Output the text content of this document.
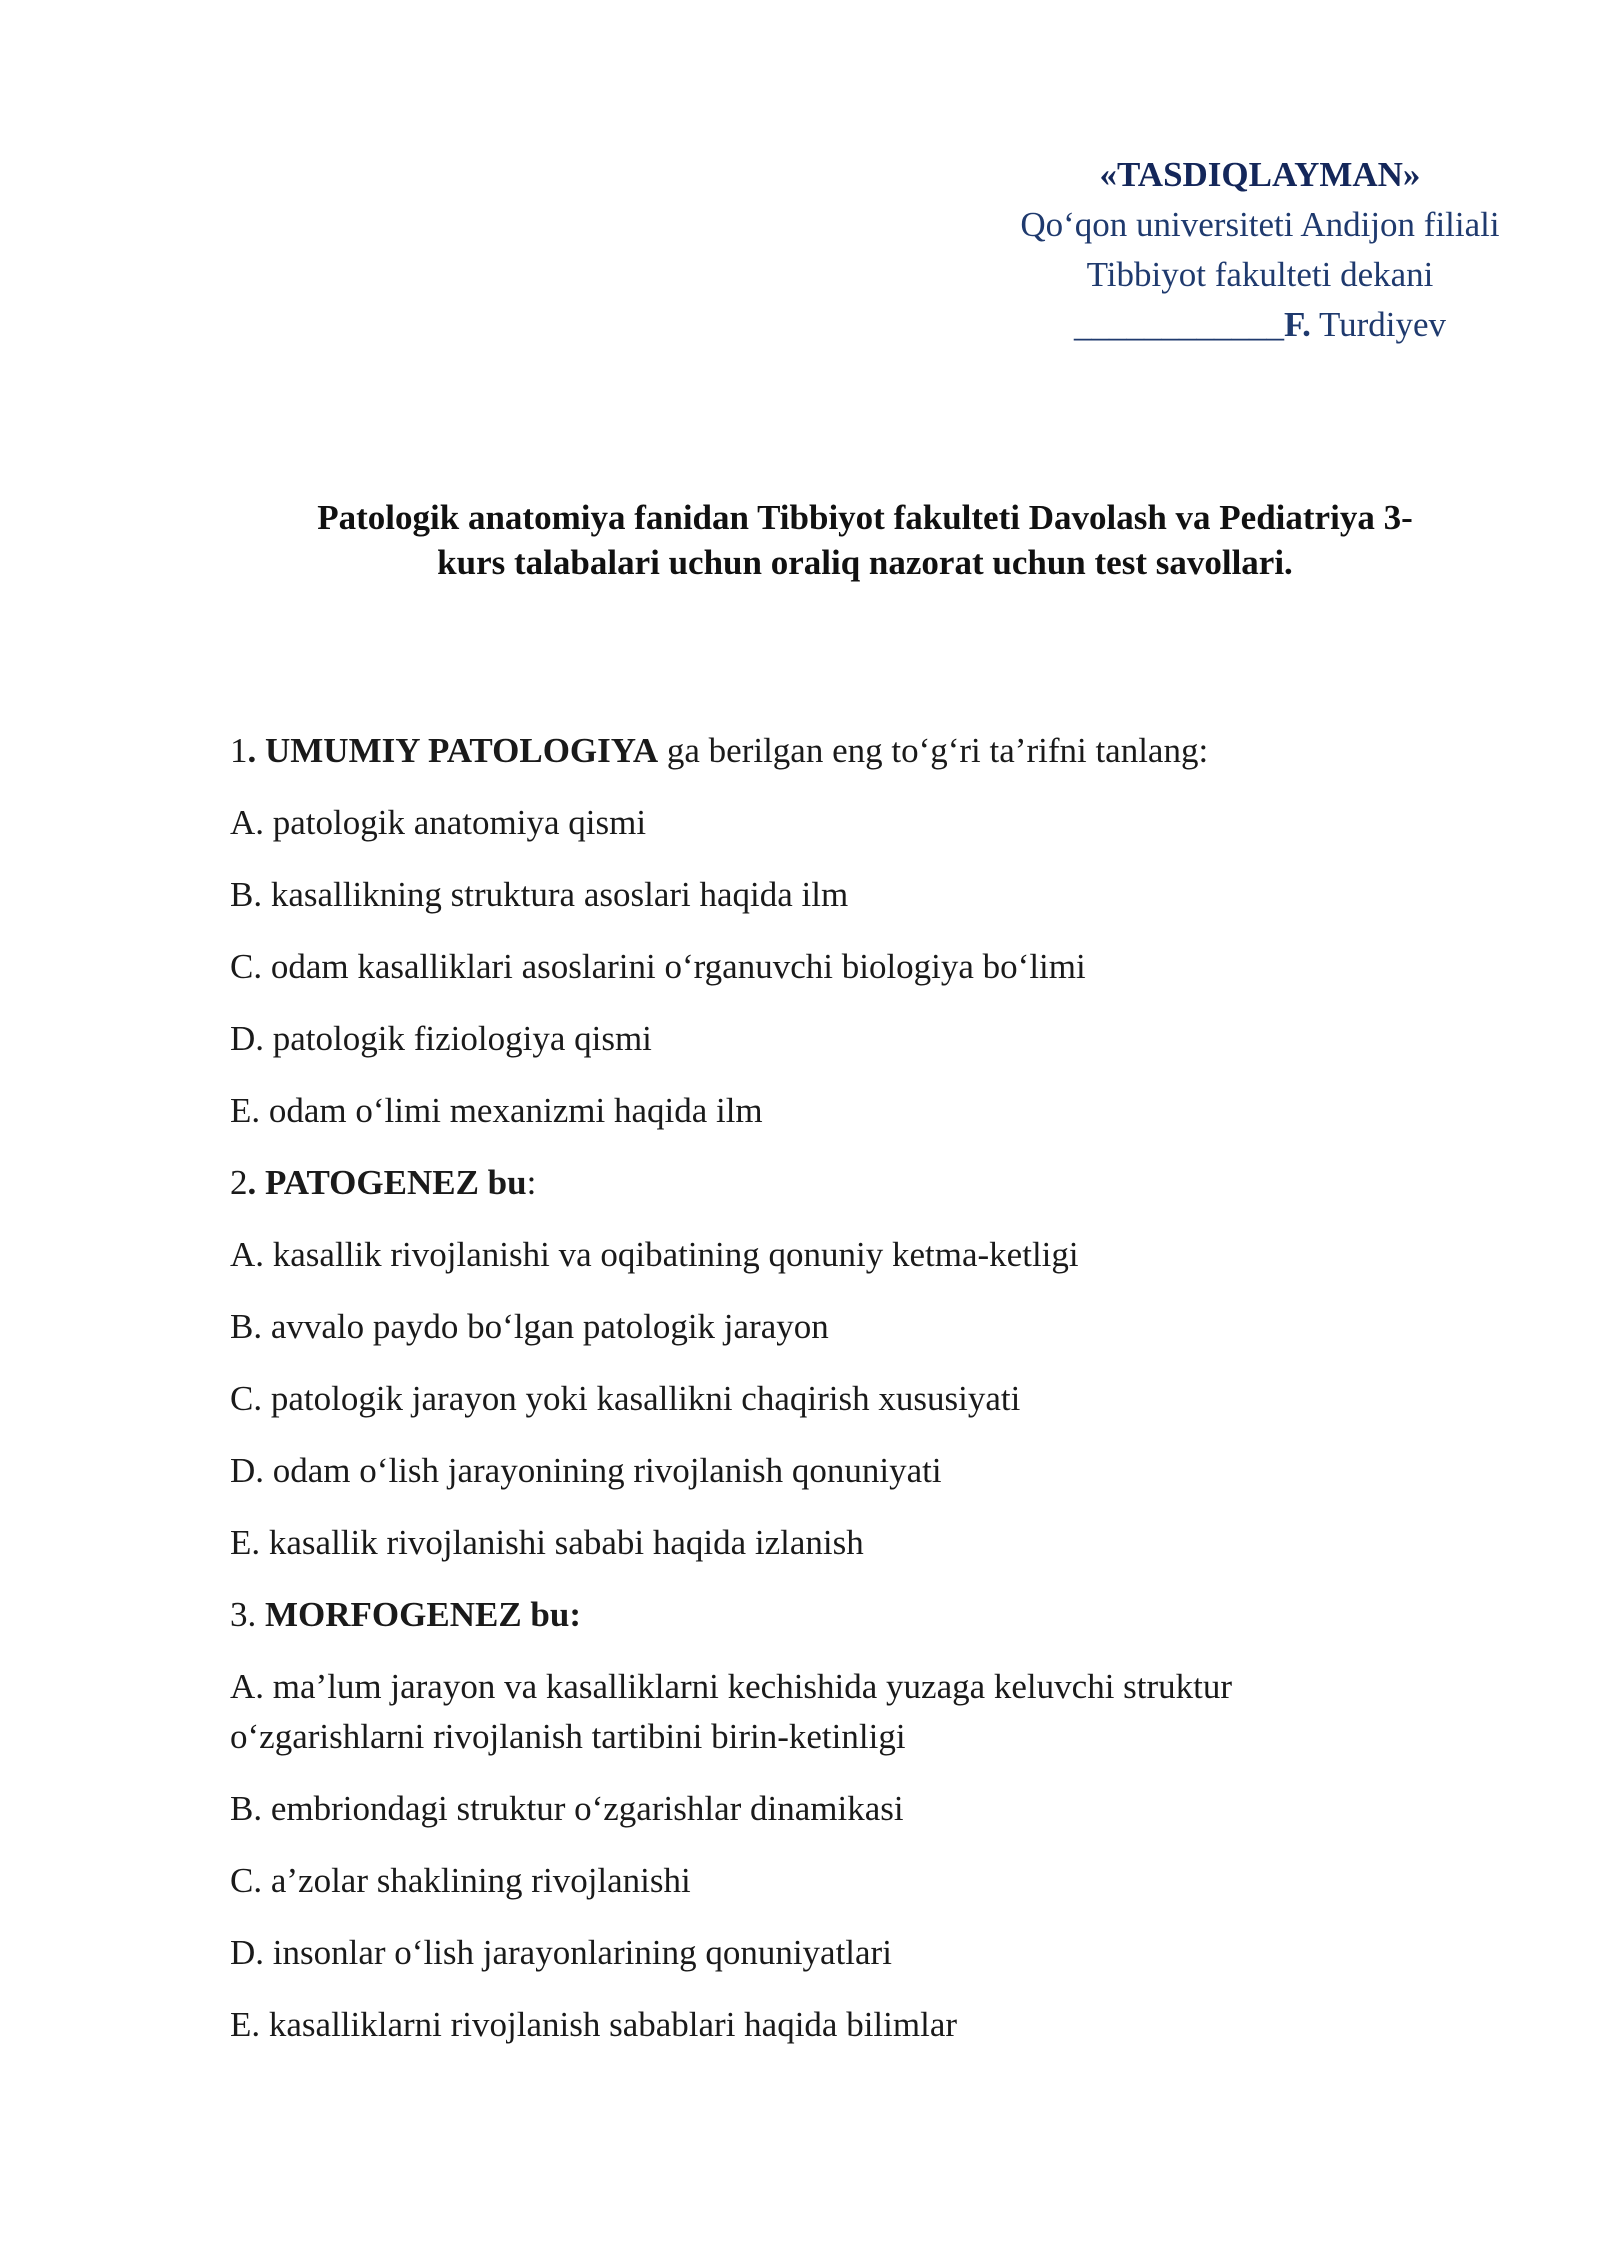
«TASDIQLAYMAN»
Qo‘qon universiteti Andijon filiali
Tibbiyot fakulteti dekani
____________F. Turdiyev
Patologik anatomiya fanidan Tibbiyot fakulteti Davolash va Pediatriya 3-
kurs talabalari uchun oraliq nazorat uchun test savollari.
1. UMUMIY PATOLOGIYA ga berilgan eng to‘g‘ri ta’rifni tanlang:
A. patologik anatomiya qismi
B. kasallikning struktura asoslari haqida ilm
C. odam kasalliklari asoslarini o‘rganuvchi biologiya bo‘limi
D. patologik fiziologiya qismi
E. odam o‘limi mexanizmi haqida ilm
2. PATOGENEZ bu:
A. kasallik rivojlanishi va oqibatining qonuniy ketma-ketligi
B. avvalo paydo bo‘lgan patologik jarayon
C. patologik jarayon yoki kasallikni chaqirish xususiyati
D. odam o‘lish jarayonining rivojlanish qonuniyati
E. kasallik rivojlanishi sababi haqida izlanish
3. MORFOGENEZ bu:
A. ma’lum jarayon va kasalliklarni kechishida yuzaga keluvchi struktur o‘zgarishlarni rivojlanish tartibini birin-ketinligi
B. embriondagi struktur o‘zgarishlar dinamikasi
C. a’zolar shaklining rivojlanishi
D. insonlar o‘lish jarayonlarining qonuniyatlari
E. kasalliklarni rivojlanish sabablari haqida bilimlar
